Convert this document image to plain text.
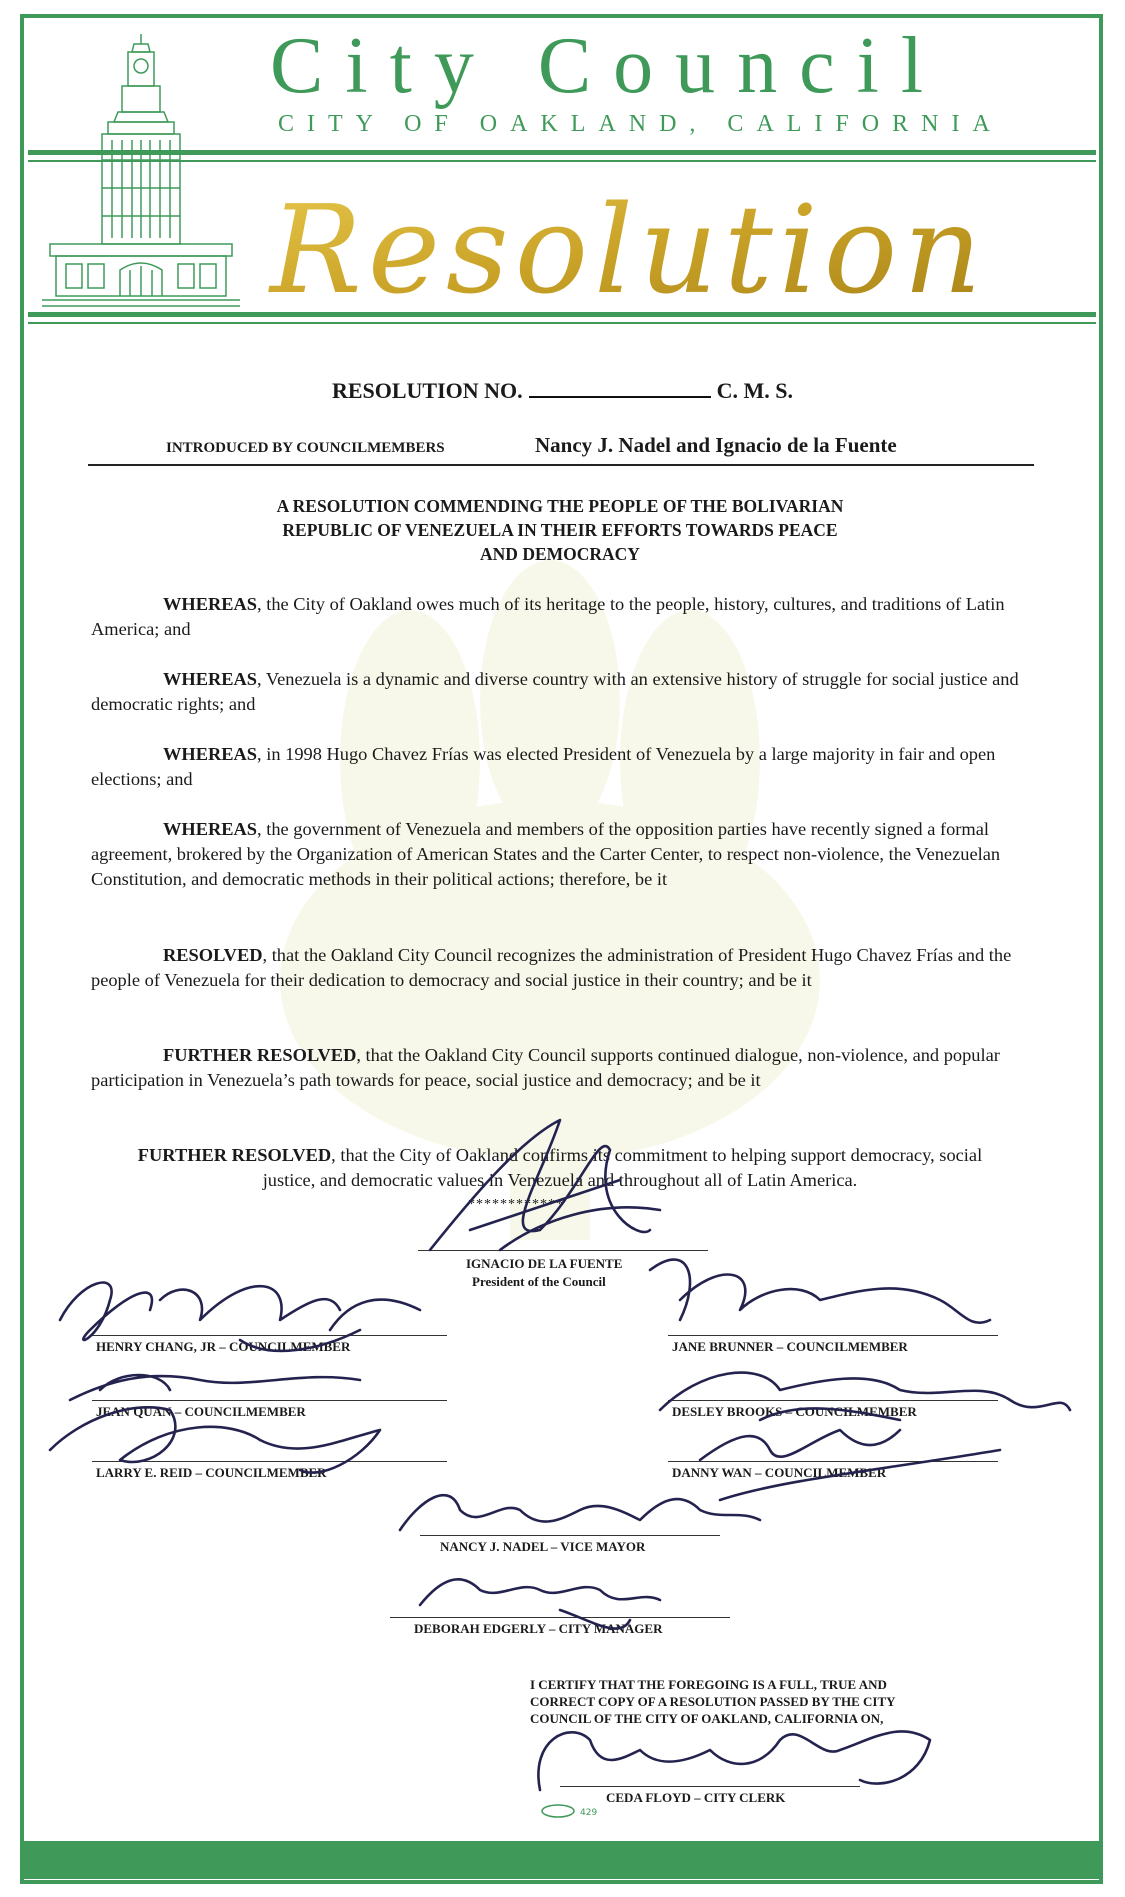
City Council
CITY OF OAKLAND, CALIFORNIA
Resolution
RESOLUTION NO.	C. M. S.
INTRODUCED BY COUNCILMEMBERS	Nancy J. Nadel and Ignacio de la Fuente
A RESOLUTION COMMENDING THE PEOPLE OF THE BOLIVARIAN
REPUBLIC OF VENEZUELA IN THEIR EFFORTS TOWARDS PEACE
AND DEMOCRACY

WHEREAS, the City of Oakland owes much of its heritage to the people, history, cultures, and traditions of Latin America; and

WHEREAS, Venezuela is a dynamic and diverse country with an extensive history of struggle for social justice and democratic rights; and

WHEREAS, in 1998 Hugo Chavez Frías was elected President of Venezuela by a large majority in fair and open elections; and

WHEREAS, the government of Venezuela and members of the opposition parties have recently signed a formal agreement, brokered by the Organization of American States and the Carter Center, to respect non-violence, the Venezuelan Constitution, and democratic methods in their political actions; therefore, be it

RESOLVED, that the Oakland City Council recognizes the administration of President Hugo Chavez Frías and the people of Venezuela for their dedication to democracy and social justice in their country; and be it

FURTHER RESOLVED, that the Oakland City Council supports continued dialogue, non-violence, and popular participation in Venezuela’s path towards for peace, social justice and democracy; and be it

FURTHER RESOLVED, that the City of Oakland confirms its commitment to helping support democracy, social justice, and democratic values in Venezuela and throughout all of Latin America.

************
IGNACIO DE LA FUENTE
President of the Council
HENRY CHANG, JR – COUNCILMEMBER
JEAN QUAN – COUNCILMEMBER
LARRY E. REID – COUNCILMEMBER
JANE BRUNNER – COUNCILMEMBER
DESLEY BROOKS – COUNCILMEMBER
DANNY WAN – COUNCILMEMBER
NANCY J. NADEL – VICE MAYOR
DEBORAH EDGERLY – CITY MANAGER
I CERTIFY THAT THE FOREGOING IS A FULL, TRUE AND
CORRECT COPY OF A RESOLUTION PASSED BY THE CITY
COUNCIL OF THE CITY OF OAKLAND, CALIFORNIA ON,
CEDA FLOYD – CITY CLERK
429
